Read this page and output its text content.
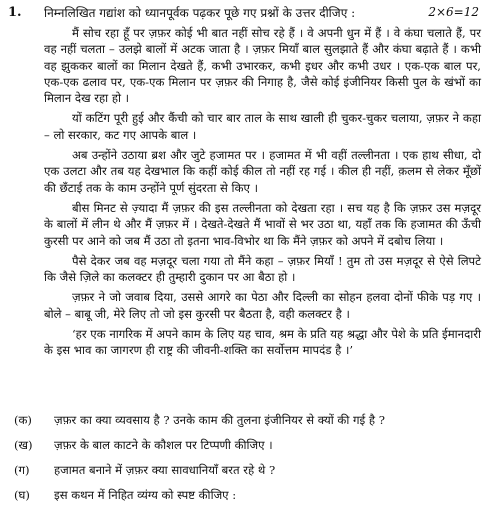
1. निम्नलिखित गद्यांश को ध्यानपूर्वक पढ़कर पूछे गए प्रश्नों के उत्तर दीजिए :	2×6=12

मैं सोच रहा हूँ पर ज़फ़र कोई भी बात नहीं सोच रहे हैं । वे अपनी धुन में हैं । वे कंघा चलाते हैं, पर वह नहीं चलता – उलझे बालों में अटक जाता है । ज़फ़र मियाँ बाल सुलझाते हैं और कंघा बढ़ाते हैं । कभी वह झुककर बालों का मिलान देखते हैं, कभी उभारकर, कभी इधर और कभी उधर । एक-एक बाल पर, एक-एक ढलाव पर, एक-एक मिलान पर ज़फ़र की निगाह है, जैसे कोई इंजीनियर किसी पुल के खंभों का मिलान देख रहा हो ।

यों कटिंग पूरी हुई और कैंची को चार बार ताल के साथ खाली ही चुकर-चुकर चलाया, ज़फ़र ने कहा – लो सरकार, कट गए आपके बाल ।

अब उन्होंने उठाया ब्रश और जुटे हजामत पर । हजामत में भी वहीं तल्लीनता । एक हाथ सीधा, दो एक उलटा और तब यह देखभाल कि कहीं कोई कील तो नहीं रह गई । कील ही नहीं, क़लम से लेकर मूँछों की छँटाई तक के काम उन्होंने पूर्ण सुंदरता से किए ।

बीस मिनट से ज़्यादा मैं ज़फ़र की इस तल्लीनता को देखता रहा । सच यह है कि ज़फ़र उस मज़दूर के बालों में लीन थे और मैं ज़फ़र में । देखते-देखते मैं भावों से भर उठा था, यहाँ तक कि हजामत की ऊँची कुरसी पर आने को जब मैं उठा तो इतना भाव-विभोर था कि मैंने ज़फ़र को अपने में दबोच लिया ।

पैसे देकर जब वह मज़दूर चला गया तो मैंने कहा – ज़फ़र मियाँ ! तुम तो उस मज़दूर से ऐसे लिपटे कि जैसे ज़िले का कलक्टर ही तुम्हारी दुकान पर आ बैठा हो ।

ज़फ़र ने जो जवाब दिया, उससे आगरे का पेठा और दिल्ली का सोहन हलवा दोनों फीके पड़ गए । बोले – बाबू जी, मेरे लिए तो जो इस कुरसी पर बैठता है, वही कलक्टर है ।

‘हर एक नागरिक में अपने काम के लिए यह चाव, श्रम के प्रति यह श्रद्धा और पेशे के प्रति ईमानदारी के इस भाव का जागरण ही राष्ट्र की जीवनी-शक्ति का सर्वोत्तम मापदंड है ।’

(क)	ज़फ़र का क्या व्यवसाय है ? उनके काम की तुलना इंजीनियर से क्यों की गई है ?
(ख)	ज़फ़र के बाल काटने के कौशल पर टिप्पणी कीजिए ।
(ग)	हजामत बनाने में ज़फ़र क्या सावधानियाँ बरत रहे थे ?
(घ)	इस कथन में निहित व्यंग्य को स्पष्ट कीजिए :
